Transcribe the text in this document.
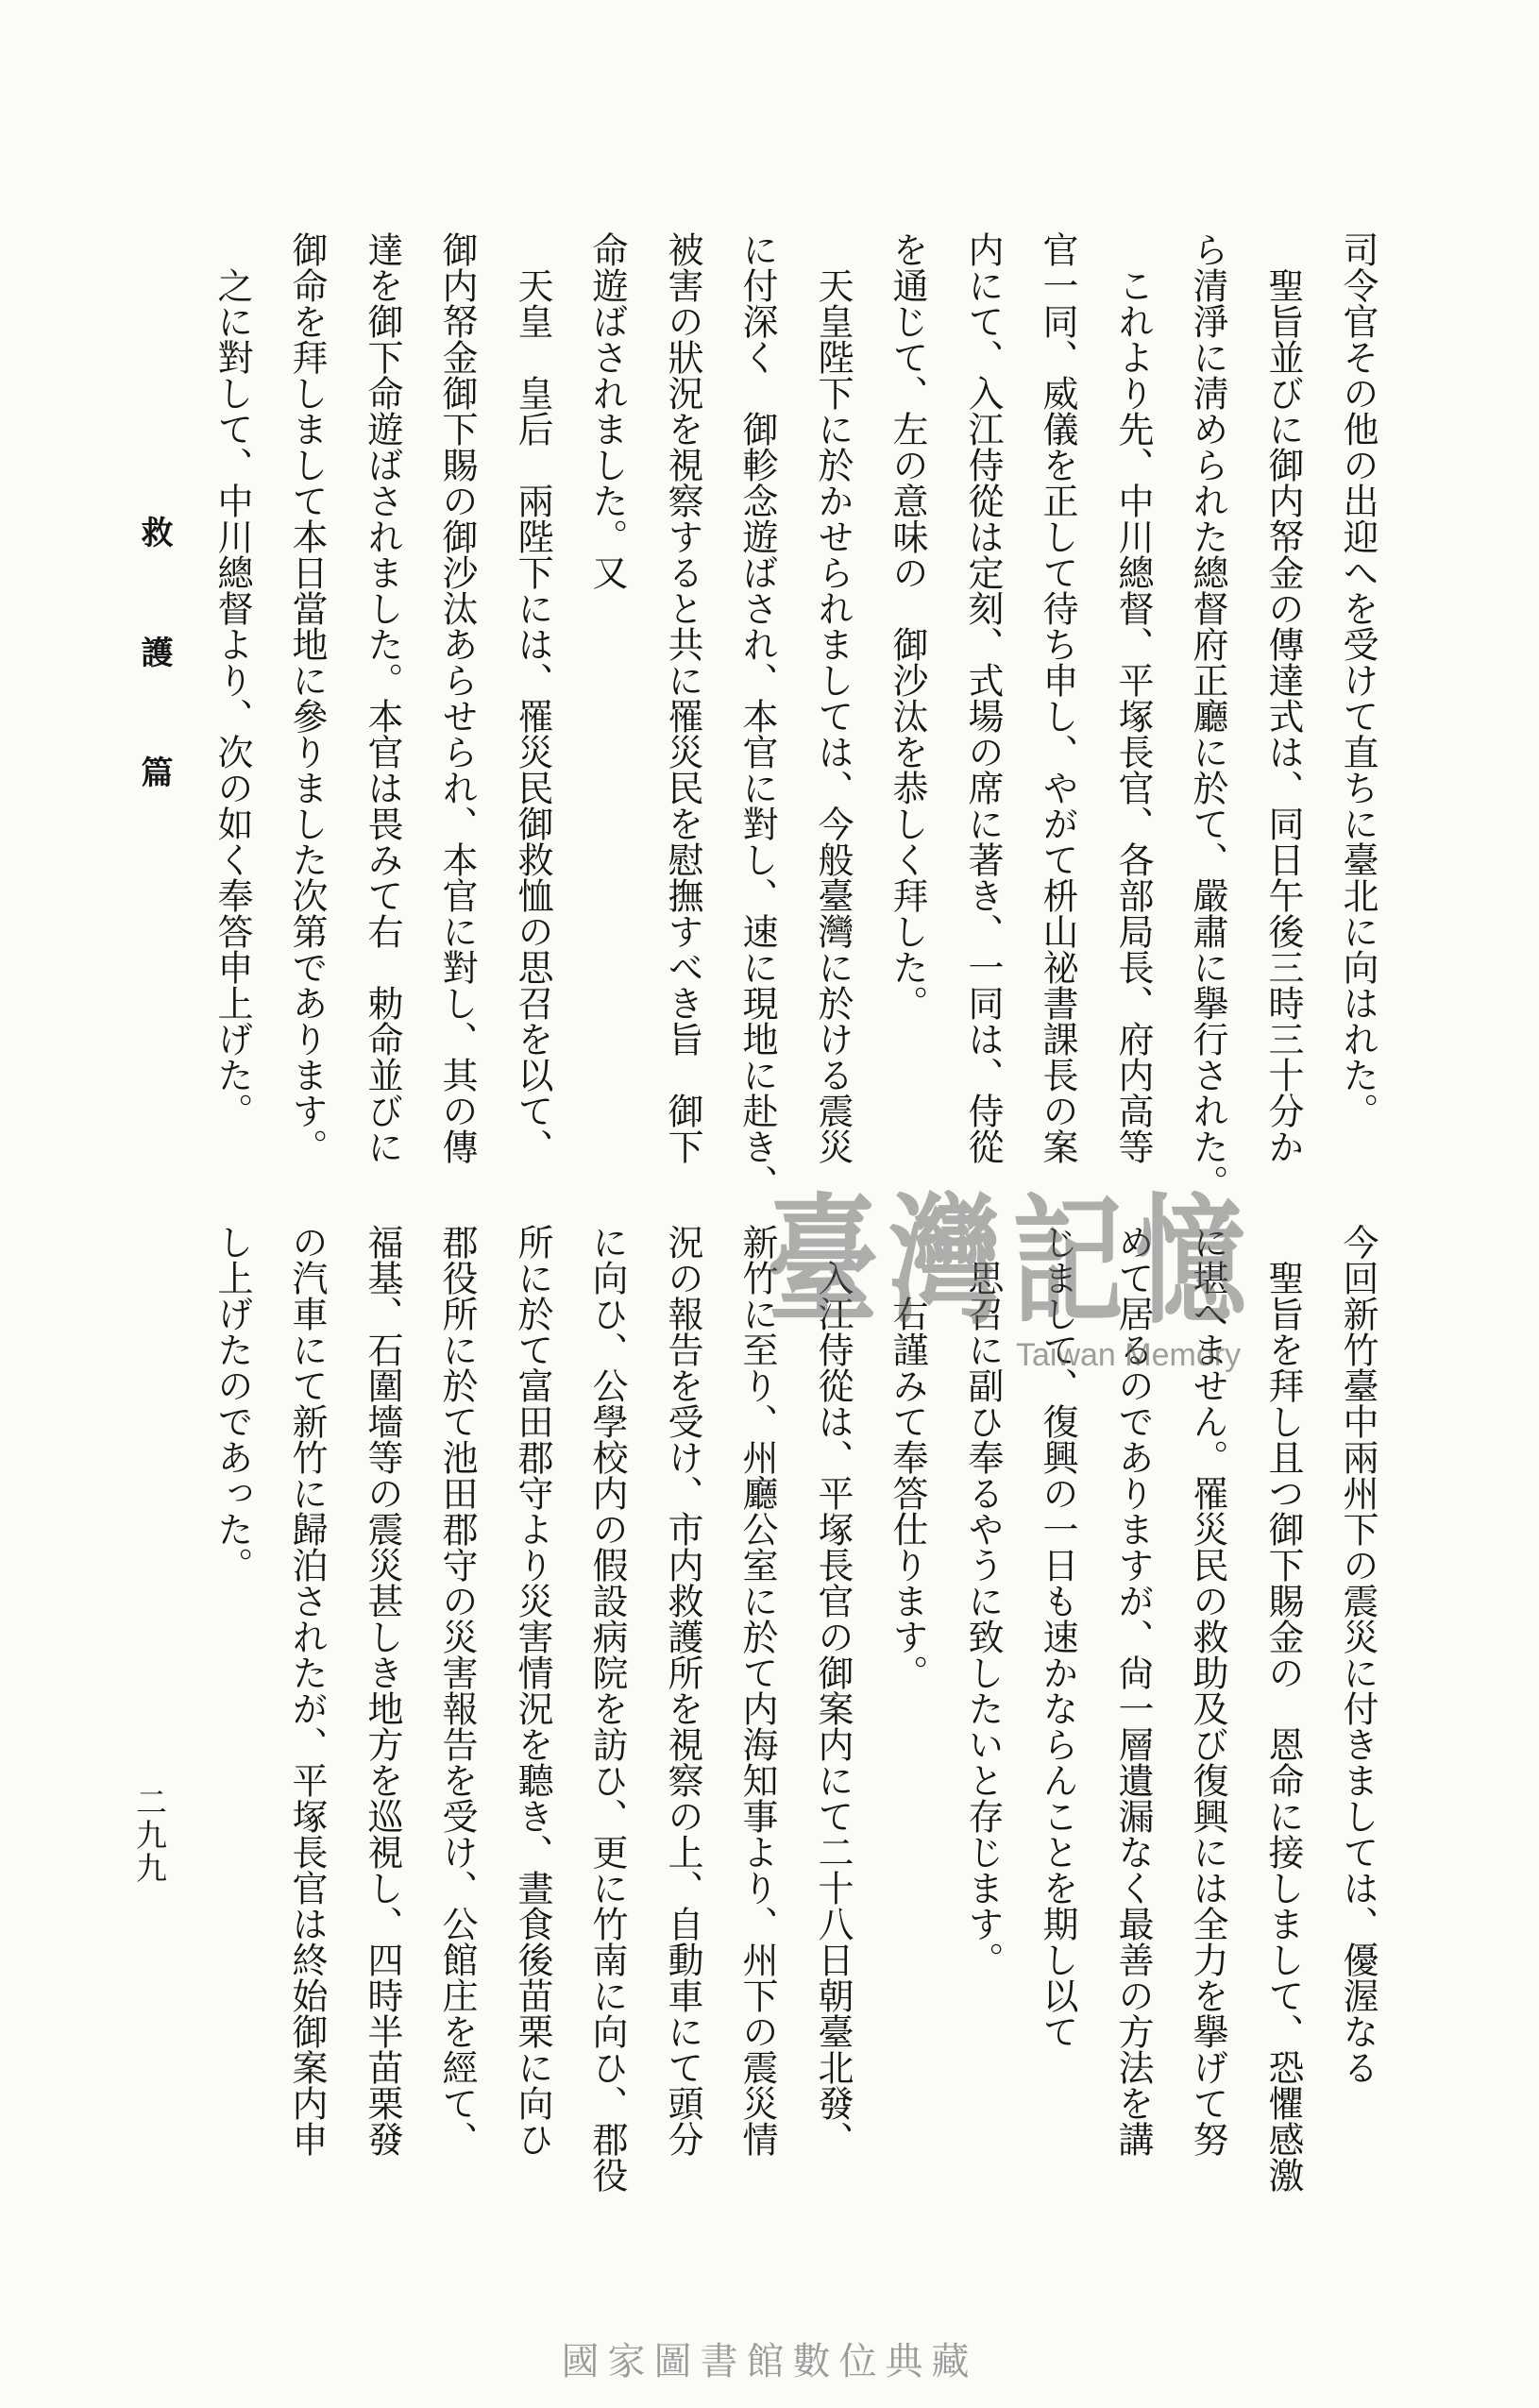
司令官その他の出迎へを受けて直ちに臺北に向はれた。
聖旨並びに御内帑金の傳達式は、同日午後三時三十分か
ら清淨に淸められた總督府正廳に於て、嚴肅に擧行された。
これより先、中川總督、平塚長官、各部局長、府内高等
官一同、威儀を正して待ち申し、やがて枡山祕書課長の案
内にて、入江侍從は定刻、式場の席に著き、一同は、侍從
を通じて、左の意味の　御沙汰を恭しく拜した。
天皇陛下に於かせられましては、今般臺灣に於ける震災
に付深く　御軫念遊ばされ、本官に對し、速に現地に赴き、
被害の狀況を視察すると共に罹災民を慰撫すべき旨　御下
命遊ばされました。又
天皇　皇后　兩陛下には、罹災民御救恤の思召を以て、
御内帑金御下賜の御沙汰あらせられ、本官に對し、其の傳
達を御下命遊ばされました。本官は畏みて右　勅命並びに
御命を拜しまして本日當地に參りました次第であります。
之に對して、中川總督より、次の如く奉答申上げた。
今回新竹臺中兩州下の震災に付きましては、優渥なる
聖旨を拜し且つ御下賜金の　恩命に接しまして、恐懼感激
に堪へません。罹災民の救助及び復興には全力を擧げて努
めて居るのでありますが、尙一層遺漏なく最善の方法を講
じまして、復興の一日も速かならんことを期し以て
思召に副ひ奉るやうに致したいと存じます。
右謹みて奉答仕ります。
入江侍從は、平塚長官の御案内にて二十八日朝臺北發、
新竹に至り、州廳公室に於て内海知事より、州下の震災情
況の報告を受け、市内救護所を視察の上、自動車にて頭分
に向ひ、公學校内の假設病院を訪ひ、更に竹南に向ひ、郡役
所に於て富田郡守より災害情況を聽き、晝食後苗栗に向ひ
郡役所に於て池田郡守の災害報告を受け、公館庄を經て、
福基、石圍墻等の震災甚しき地方を巡視し、四時半苗栗發
の汽車にて新竹に歸泊されたが、平塚長官は終始御案内申
し上げたのであった。
救護篇
二九九
臺灣記憶
Taiwan Memory
國家圖書館數位典藏
